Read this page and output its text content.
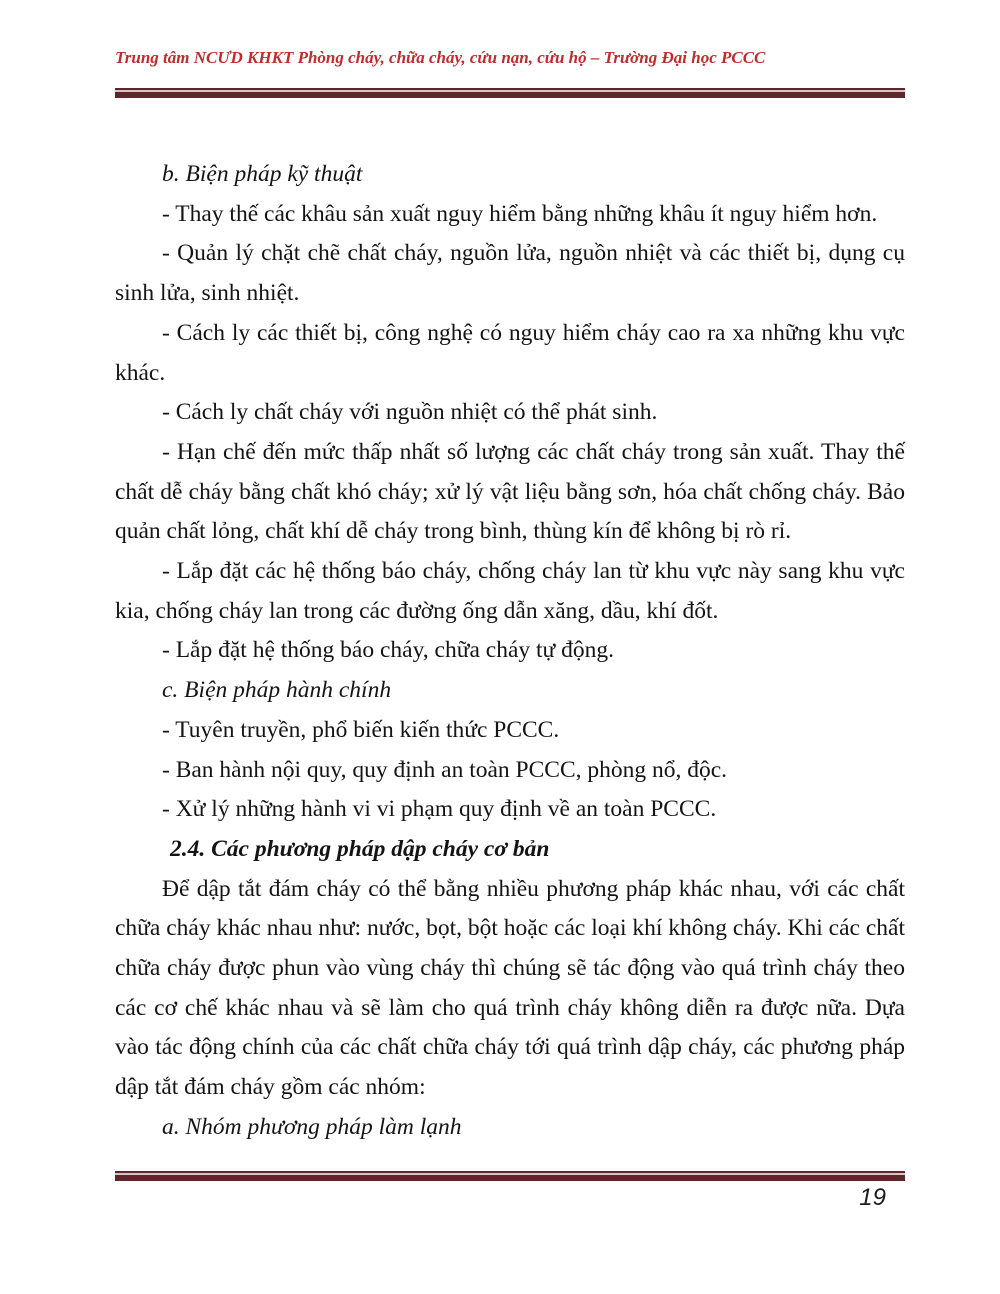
Trung tâm NCƯD KHKT Phòng cháy, chữa cháy, cứu nạn, cứu hộ – Trường Đại học PCCC

b. Biện pháp kỹ thuật

- Thay thế các khâu sản xuất nguy hiểm bằng những khâu ít nguy hiểm hơn.

- Quản lý chặt chẽ chất cháy, nguồn lửa, nguồn nhiệt và các thiết bị, dụng cụ sinh lửa, sinh nhiệt.

- Cách ly các thiết bị, công nghệ có nguy hiểm cháy cao ra xa những khu vực khác.

- Cách ly chất cháy với nguồn nhiệt có thể phát sinh.

- Hạn chế đến mức thấp nhất số lượng các chất cháy trong sản xuất. Thay thế chất dễ cháy bằng chất khó cháy; xử lý vật liệu bằng sơn, hóa chất chống cháy. Bảo quản chất lỏng, chất khí dễ cháy trong bình, thùng kín để không bị rò rỉ.

- Lắp đặt các hệ thống báo cháy, chống cháy lan từ khu vực này sang khu vực kia, chống cháy lan trong các đường ống dẫn xăng, dầu, khí đốt.

- Lắp đặt hệ thống báo cháy, chữa cháy tự động.

c. Biện pháp hành chính

- Tuyên truyền, phổ biến kiến thức PCCC.

- Ban hành nội quy, quy định an toàn PCCC, phòng nổ, độc.

- Xử lý những hành vi vi phạm quy định về an toàn PCCC.

2.4. Các phương pháp dập cháy cơ bản

Để dập tắt đám cháy có thể bằng nhiều phương pháp khác nhau, với các chất chữa cháy khác nhau như: nước, bọt, bột hoặc các loại khí không cháy. Khi các chất chữa cháy được phun vào vùng cháy thì chúng sẽ tác động vào quá trình cháy theo các cơ chế khác nhau và sẽ làm cho quá trình cháy không diễn ra được nữa. Dựa vào tác động chính của các chất chữa cháy tới quá trình dập cháy, các phương pháp dập tắt đám cháy gồm các nhóm:

a. Nhóm phương pháp làm lạnh

19
